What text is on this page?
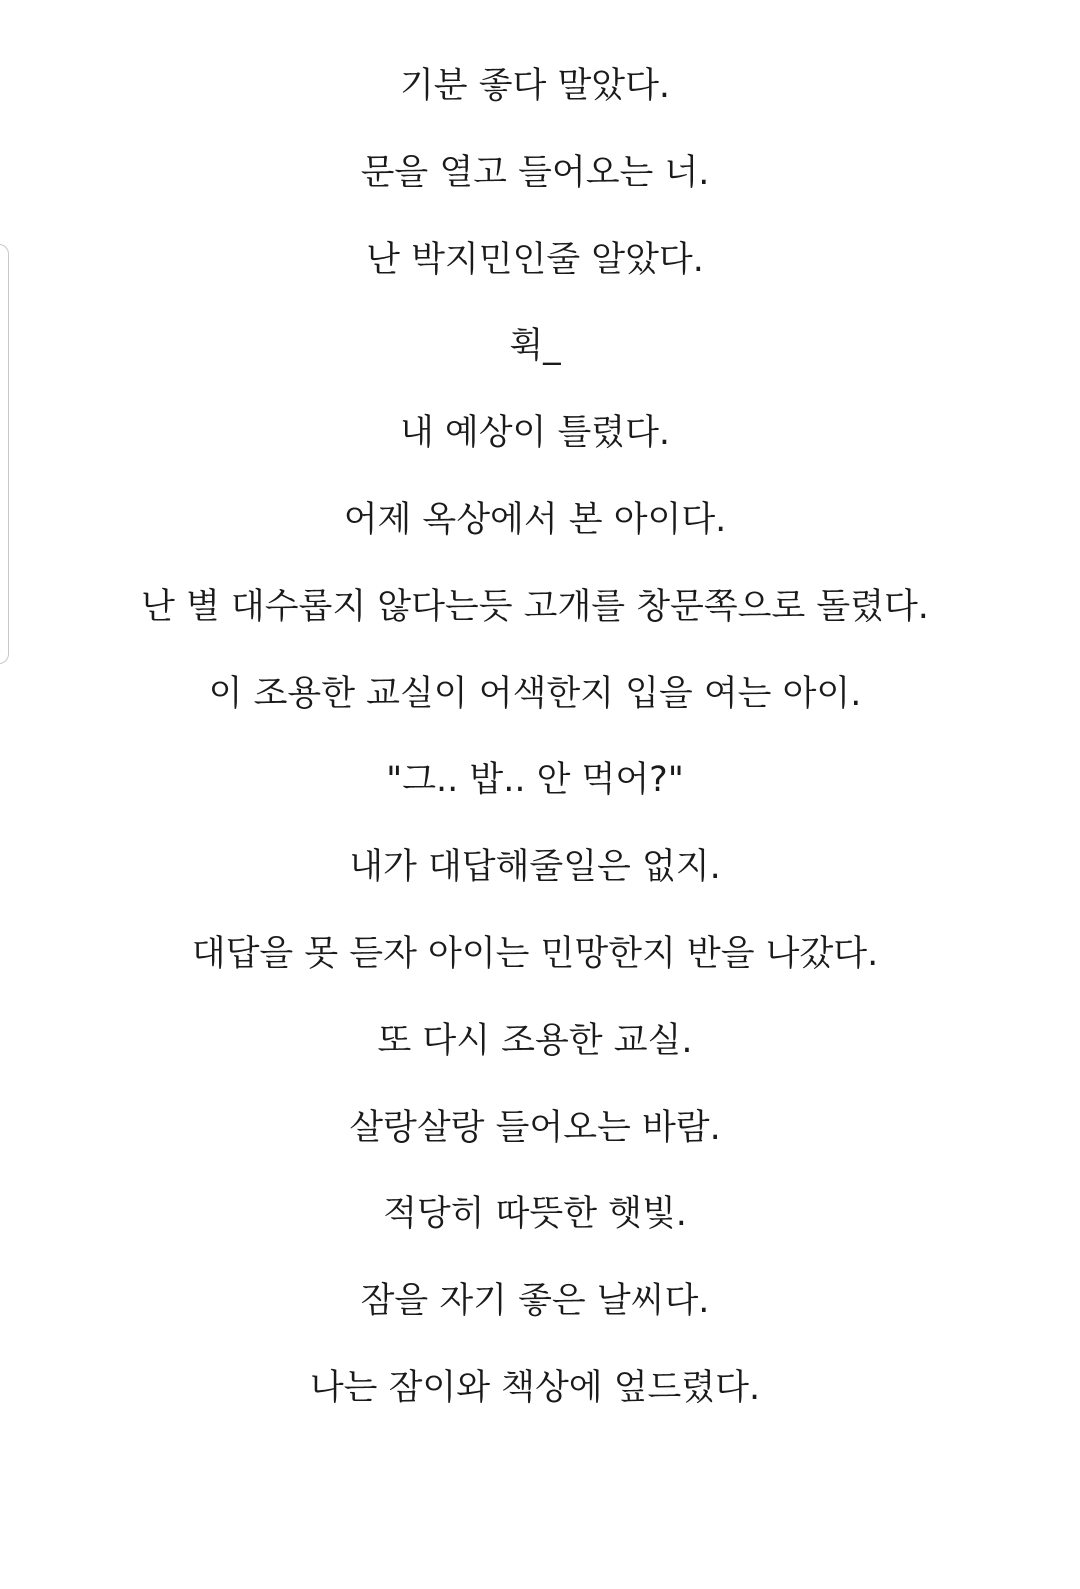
기분 좋다 말았다.
문을 열고 들어오는 너.
난 박지민인줄 알았다.
휙_
내 예상이 틀렸다.
어제 옥상에서 본 아이다.
난 별 대수롭지 않다는듯 고개를 창문쪽으로 돌렸다.
이 조용한 교실이 어색한지 입을 여는 아이.
"그.. 밥.. 안 먹어?"
내가 대답해줄일은 없지.
대답을 못 듣자 아이는 민망한지 반을 나갔다.
또 다시 조용한 교실.
살랑살랑 들어오는 바람.
적당히 따뜻한 햇빛.
잠을 자기 좋은 날씨다.
나는 잠이와 책상에 엎드렸다.
